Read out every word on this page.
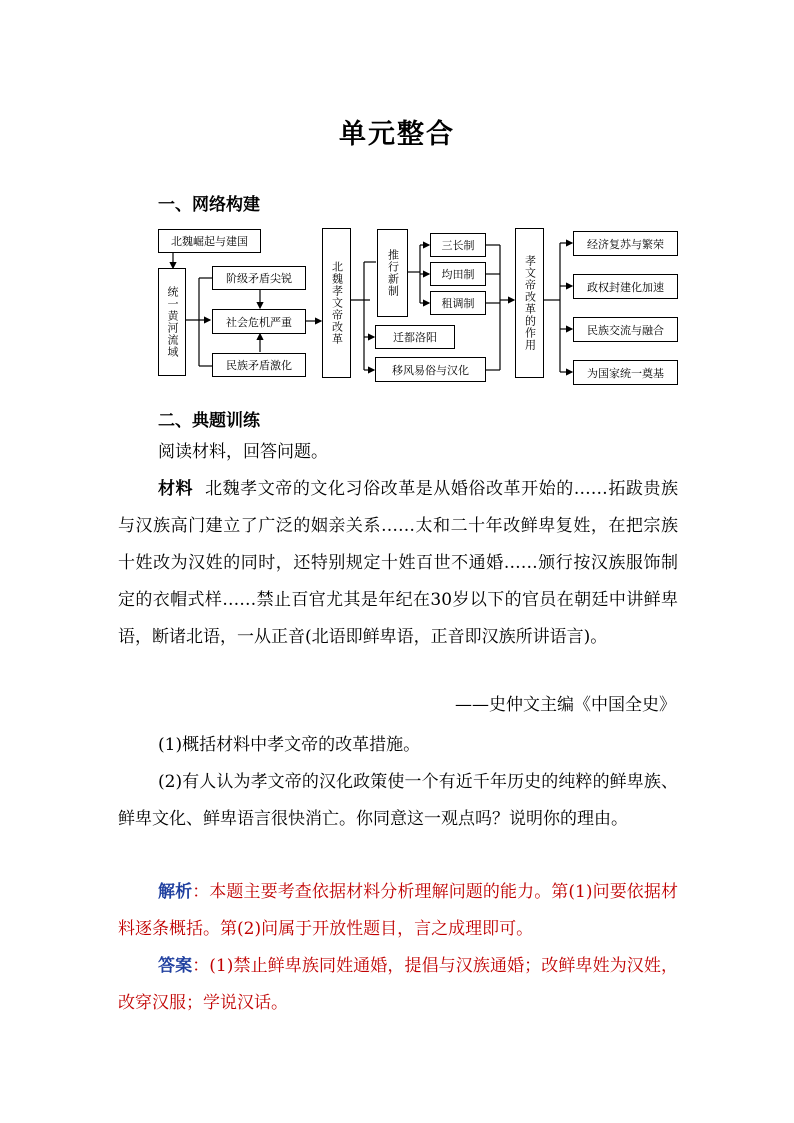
单元整合
一、网络构建
北魏崛起与建国
统一黄河流域
阶级矛盾尖锐
社会危机严重
民族矛盾激化
北魏孝文帝改革	推行新制
三长制
均田制
租调制
迁都洛阳
移风易俗与汉化
孝文帝改革的作用
经济复苏与繁荣
政权封建化加速
民族交流与融合
为国家统一奠基
二、典题训练
阅读材料，回答问题。
材料 北魏孝文帝的文化习俗改革是从婚俗改革开始的……拓跋贵族与汉族高门建立了广泛的姻亲关系……太和二十年改鲜卑复姓，在把宗族十姓改为汉姓的同时，还特别规定十姓百世不通婚……颁行按汉族服饰制定的衣帽式样……禁止百官尤其是年纪在30岁以下的官员在朝廷中讲鲜卑语，断诸北语，一从正音(北语即鲜卑语，正音即汉族所讲语言)。
——史仲文主编《中国全史》
(1)概括材料中孝文帝的改革措施。
(2)有人认为孝文帝的汉化政策使一个有近千年历史的纯粹的鲜卑族、鲜卑文化、鲜卑语言很快消亡。你同意这一观点吗？说明你的理由。
解析：本题主要考查依据材料分析理解问题的能力。第(1)问要依据材料逐条概括。第(2)问属于开放性题目，言之成理即可。
答案：(1)禁止鲜卑族同姓通婚，提倡与汉族通婚；改鲜卑姓为汉姓，改穿汉服；学说汉话。
